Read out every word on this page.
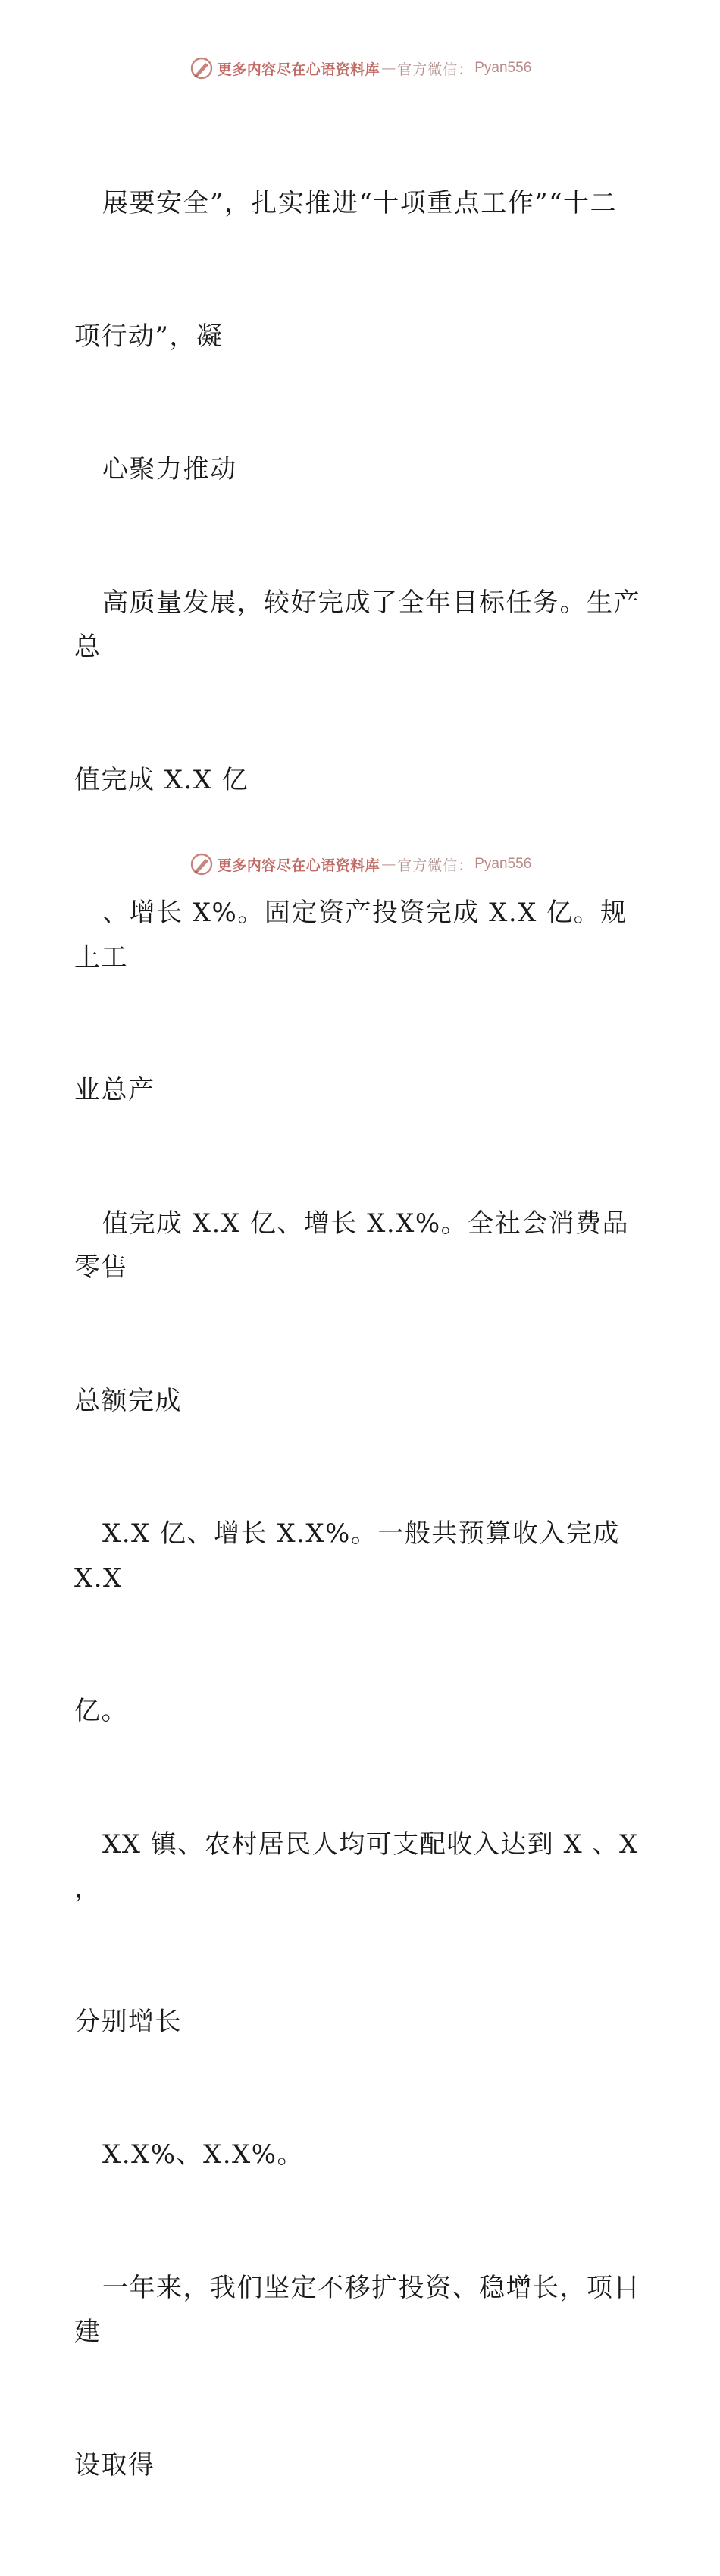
更多内容尽在心语资料库 — 官方微信： Pyan556

展要安全”，扎实推进“十项重点工作”“十二

项行动”，凝

心聚力推动

高质量发展，较好完成了全年目标任务。生产总

值完成 X.X 亿

、增长 X%。固定资产投资完成 X.X 亿。规上工

业总产

值完成 X.X 亿、增长 X.X%。全社会消费品零售

总额完成

X.X 亿、增长 X.X%。一般共预算收入完成 X.X

亿。

XX 镇、农村居民人均可支配收入达到 X 、X ，

分别增长

X.X%、X.X%。

一年来，我们坚定不移扩投资、稳增长，项目建

设取得

更多内容尽在心语资料库 — 官方微信： Pyan556
